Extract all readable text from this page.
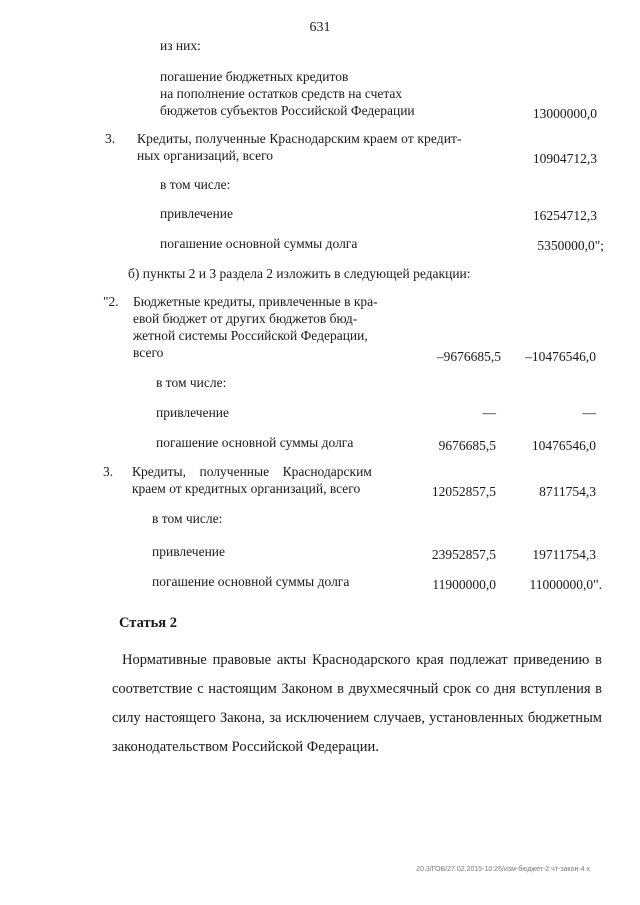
631
из них:
погашение бюджетных кредитов
на пополнение остатков средств на счетах
бюджетов субъектов Российской Федерации	13000000,0
3. Кредиты, полученные Краснодарским краем от кредит-
ных организаций, всего	10904712,3
в том числе:
привлечение	16254712,3
погашение основной суммы долга	5350000,0";
б) пункты 2 и 3 раздела 2 изложить в следующей редакции:
"2. Бюджетные кредиты, привлеченные в кра-
евой бюджет от других бюджетов бюд-
жетной системы Российской Федерации,
всего	–9676685,5 –10476546,0
в том числе:
привлечение	—	—
погашение основной суммы долга	9676685,5	10476546,0
3. Кредиты,    полученные    Краснодарским
краем от кредитных организаций, всего	12052857,5	8711754,3
в том числе:
привлечение	23952857,5	19711754,3
погашение основной суммы долга	11900000,0 11000000,0".
Статья 2

Нормативные правовые акты Краснодарского края подлежат приведению в соответствие с настоящим Законом в двухмесячный срок со дня вступления в силу настоящего Закона, за исключением случаев, установленных бюджетным законодательством Российской Федерации.

20.3/ГОБ/27.02.2015-10:26/изм-бюджет-2 чт-закон-4 х
